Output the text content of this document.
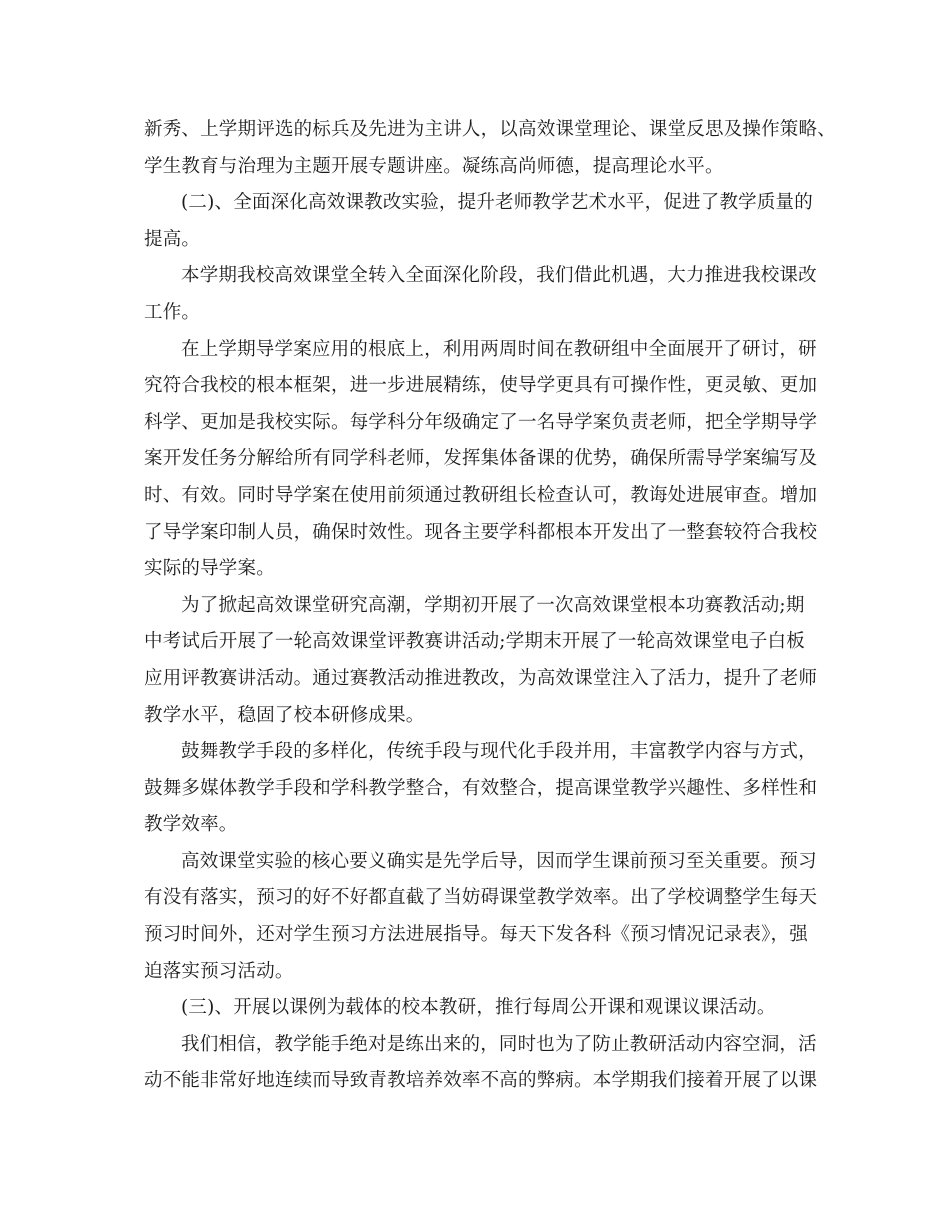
新秀、上学期评选的标兵及先进为主讲人，以高效课堂理论、课堂反思及操作策略、
学生教育与治理为主题开展专题讲座。凝练高尚师德，提高理论水平。
(二)、全面深化高效课教改实验，提升老师教学艺术水平，促进了教学质量的
提高。
本学期我校高效课堂全转入全面深化阶段，我们借此机遇，大力推进我校课改
工作。
在上学期导学案应用的根底上，利用两周时间在教研组中全面展开了研讨，研
究符合我校的根本框架，进一步进展精练，使导学更具有可操作性，更灵敏、更加
科学、更加是我校实际。每学科分年级确定了一名导学案负责老师，把全学期导学
案开发任务分解给所有同学科老师，发挥集体备课的优势，确保所需导学案编写及
时、有效。同时导学案在使用前须通过教研组长检查认可，教诲处进展审查。增加
了导学案印制人员，确保时效性。现各主要学科都根本开发出了一整套较符合我校
实际的导学案。
为了掀起高效课堂研究高潮，学期初开展了一次高效课堂根本功赛教活动;期
中考试后开展了一轮高效课堂评教赛讲活动;学期末开展了一轮高效课堂电子白板
应用评教赛讲活动。通过赛教活动推进教改，为高效课堂注入了活力，提升了老师
教学水平，稳固了校本研修成果。
鼓舞教学手段的多样化，传统手段与现代化手段并用，丰富教学内容与方式，
鼓舞多媒体教学手段和学科教学整合，有效整合，提高课堂教学兴趣性、多样性和
教学效率。
高效课堂实验的核心要义确实是先学后导，因而学生课前预习至关重要。预习
有没有落实，预习的好不好都直截了当妨碍课堂教学效率。出了学校调整学生每天
预习时间外，还对学生预习方法进展指导。每天下发各科《预习情况记录表》，强
迫落实预习活动。
(三)、开展以课例为载体的校本教研，推行每周公开课和观课议课活动。
我们相信，教学能手绝对是练出来的，同时也为了防止教研活动内容空洞，活
动不能非常好地连续而导致青教培养效率不高的弊病。本学期我们接着开展了以课
